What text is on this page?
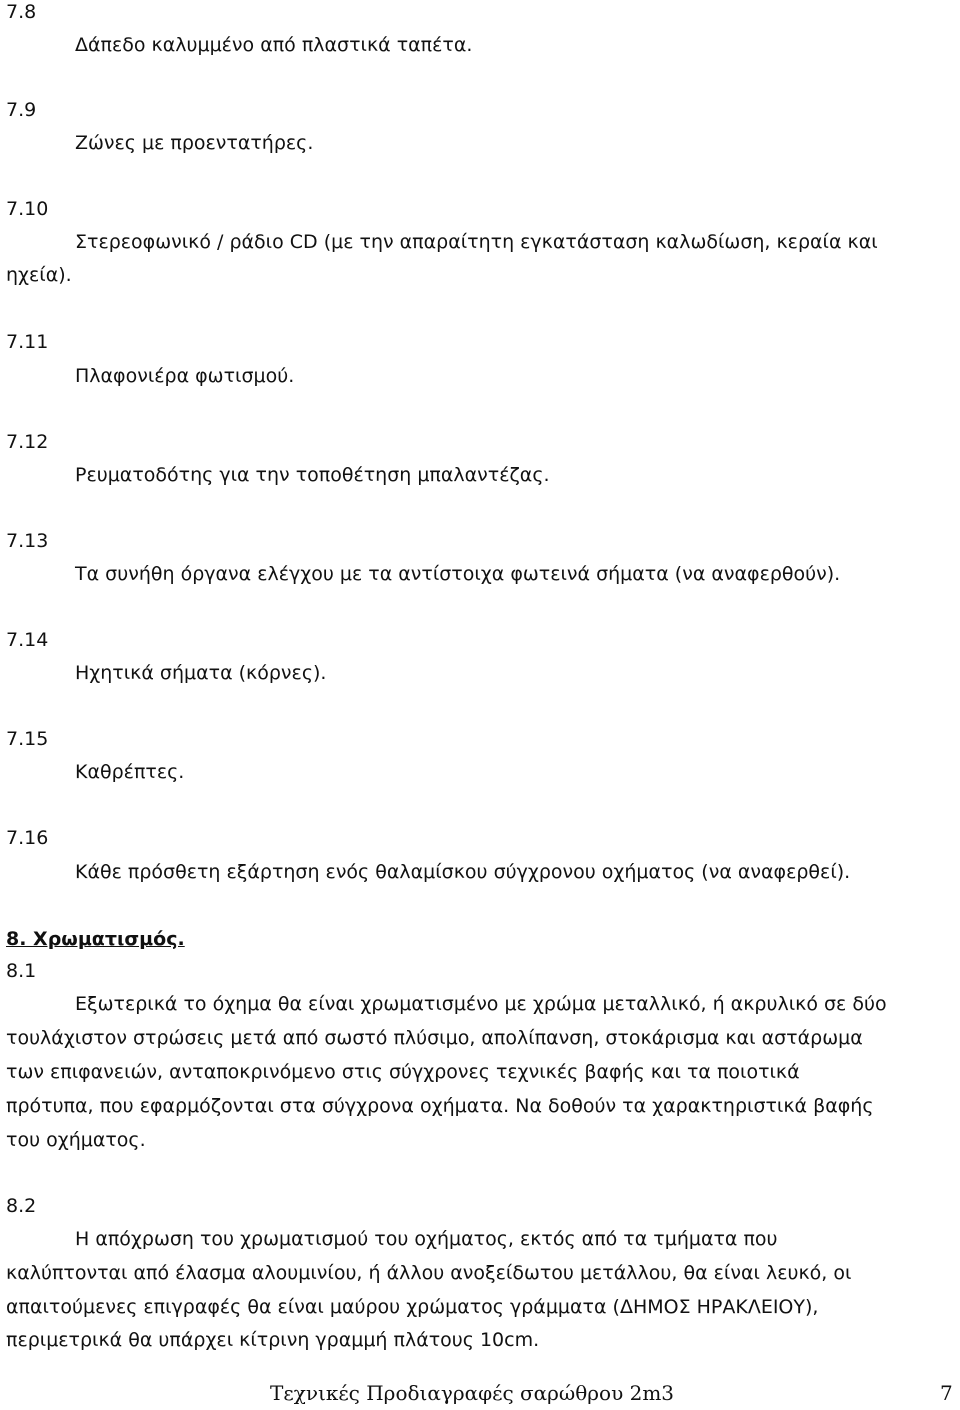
7.8
Δάπεδο καλυμμένο από πλαστικά ταπέτα.
7.9
Ζώνες με προεντατήρες.
7.10
Στερεοφωνικό / ράδιο CD (με την απαραίτητη εγκατάσταση καλωδίωση, κεραία και
ηχεία).
7.11
Πλαφονιέρα φωτισμού.
7.12
Ρευματοδότης για την τοποθέτηση μπαλαντέζας.
7.13
Τα συνήθη όργανα ελέγχου με τα αντίστοιχα φωτεινά σήματα (να αναφερθούν).
7.14
Ηχητικά σήματα (κόρνες).
7.15
Καθρέπτες.
7.16
Κάθε πρόσθετη εξάρτηση ενός θαλαμίσκου σύγχρονου οχήματος (να αναφερθεί).
8. Χρωματισμός.
8.1
Εξωτερικά το όχημα θα είναι χρωματισμένο με χρώμα μεταλλικό, ή ακρυλικό σε δύο
τουλάχιστον στρώσεις μετά από σωστό πλύσιμο, απολίπανση, στοκάρισμα και αστάρωμα
των επιφανειών, ανταποκρινόμενο στις σύγχρονες τεχνικές βαφής και τα ποιοτικά
πρότυπα, που εφαρμόζονται στα σύγχρονα οχήματα. Να δοθούν τα χαρακτηριστικά βαφής
του οχήματος.
8.2
Η απόχρωση του χρωματισμού του οχήματος, εκτός από τα τμήματα που
καλύπτονται από έλασμα αλουμινίου, ή άλλου ανοξείδωτου μετάλλου, θα είναι λευκό, οι
απαιτούμενες επιγραφές θα είναι μαύρου χρώματος γράμματα (ΔΗΜΟΣ ΗΡΑΚΛΕΙΟΥ),
περιμετρικά θα υπάρχει κίτρινη γραμμή πλάτους 10cm.
Τεχνικές Προδιαγραφές σαρώθρου 2m3	7
